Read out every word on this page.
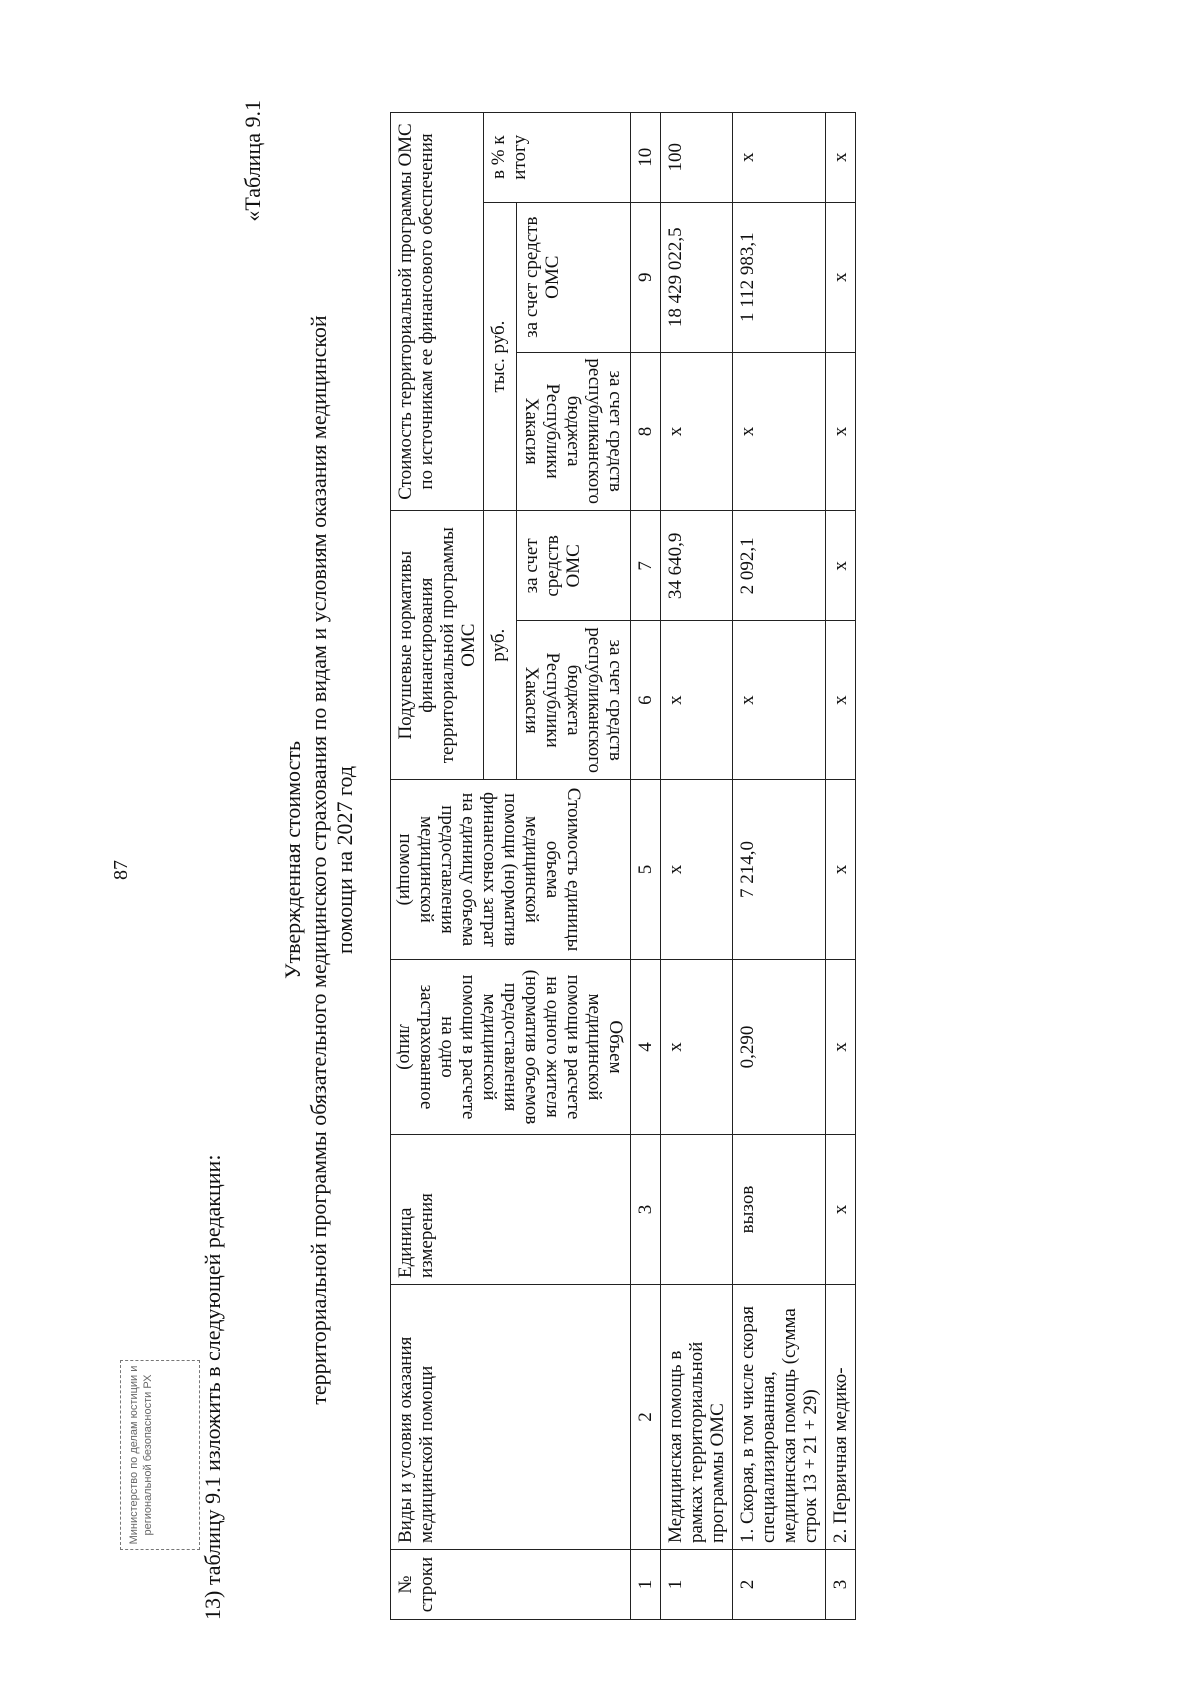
87
13) таблицу 9.1 изложить в следующей редакции:
«Таблица 9.1
Утвержденная стоимость территориальной программы обязательного медицинского страхования по видам и условиям оказания медицинской помощи на 2027 год
№ строки	Виды и условия оказания медицинской помощи	Единица измерения	Объем медицинской помощи в расчете на одного жителя (норматив объемов предоставления медицинской помощи в расчете на одно застрахованное лицо)	Стоимость единицы объема медицинской помощи (норматив финансовых затрат на единицу объема предоставления медицинской помощи)	Подушевые нормативы финансирования территориальной программы ОМС		Стоимость территориальной программы ОМС по источникам ее финансового обеспечения		
					руб.		тыс. руб.		в % к итогу
					за счет средств республиканского бюджета Республики Хакасия	за счет средств ОМС	за счет средств республиканского бюджета Республики Хакасия	за счет средств ОМС	
1	2	3	4	5	6	7	8	9	10
1	Медицинская помощь в рамках территориальной программы ОМС		х	х	х	34 640,9	х	18 429 022,5	100
2	1. Скорая, в том числе скорая специализированная, медицинская помощь (сумма строк 13 + 21 + 29)	вызов	0,290	7 214,0	х	2 092,1	х	1 112 983,1	х
3	2. Первичная медико-	х	х	х	х	х	х	х	х
Министерство по делам юстиции и региональной безопасности РХ
